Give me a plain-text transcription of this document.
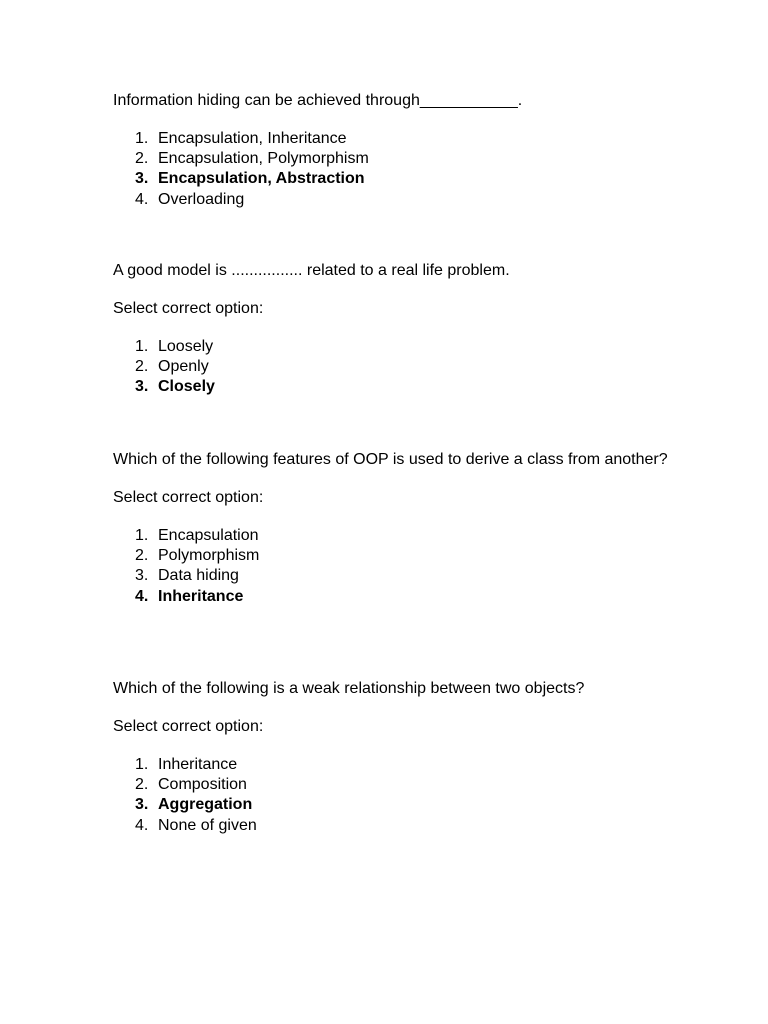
Information hiding can be achieved through___________.

1. Encapsulation, Inheritance
2. Encapsulation, Polymorphism
3. Encapsulation, Abstraction
4. Overloading

A good model is ................ related to a real life problem.

Select correct option:

1. Loosely
2. Openly
3. Closely

Which of the following features of OOP is used to derive a class from another?

Select correct option:

1. Encapsulation
2. Polymorphism
3. Data hiding
4. Inheritance

Which of the following is a weak relationship between two objects?

Select correct option:

1. Inheritance
2. Composition
3. Aggregation
4. None of given
